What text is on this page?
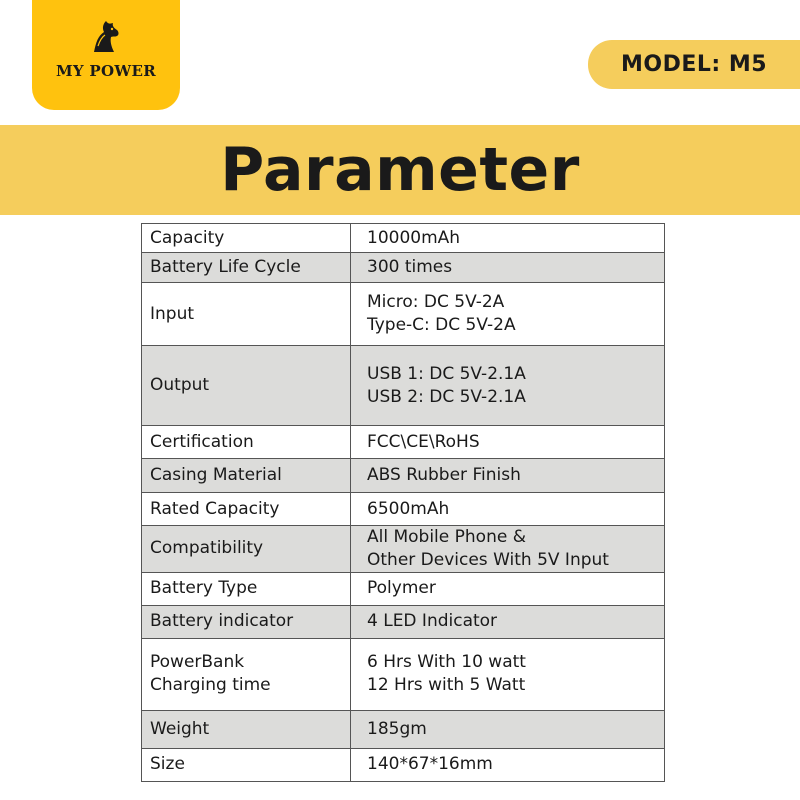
MY POWER	MODEL: M5
Parameter
Capacity	10000mAh
Battery Life Cycle	300 times
Input	Micro: DC 5V-2A
Type-C: DC 5V-2A

Output	USB 1: DC 5V-2.1A
USB 2: DC 5V-2.1A

Certification	FCC\CE\RoHS
Casing Material	ABS Rubber Finish
Rated Capacity	6500mAh
Compatibility	All Mobile Phone &
Other Devices With 5V Input

Battery Type	Polymer
Battery indicator	4 LED Indicator

PowerBank
Charging time	6 Hrs With 10 watt
12 Hrs with 5 Watt

Weight	185gm
Size	140*67*16mm
